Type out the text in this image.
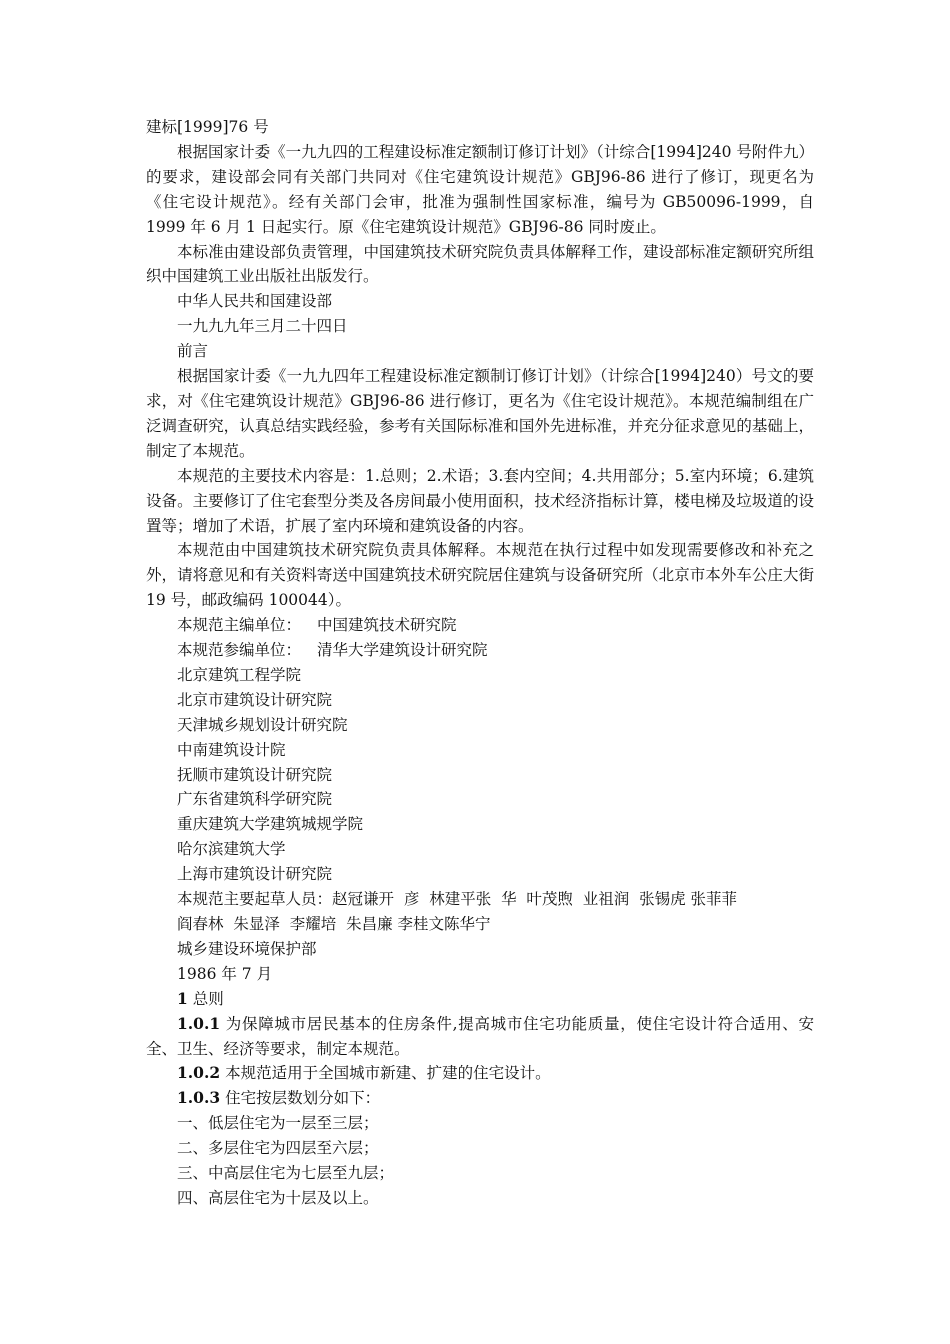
建标[1999]76 号

根据国家计委《一九九四的工程建设标准定额制订修订计划》（计综合[1994]240 号附件九）的要求，建设部会同有关部门共同对《住宅建筑设计规范》GBJ96-86 进行了修订，现更名为《住宅设计规范》。经有关部门会审，批准为强制性国家标准，编号为 GB50096-1999，自 1999 年 6 月 1 日起实行。原《住宅建筑设计规范》GBJ96-86 同时废止。

本标准由建设部负责管理，中国建筑技术研究院负责具体解释工作，建设部标准定额研究所组织中国建筑工业出版社出版发行。

中华人民共和国建设部

一九九九年三月二十四日

前言

根据国家计委《一九九四年工程建设标准定额制订修订计划》（计综合[1994]240）号文的要求，对《住宅建筑设计规范》GBJ96-86 进行修订，更名为《住宅设计规范》。本规范编制组在广泛调查研究，认真总结实践经验，参考有关国际标准和国外先进标准，并充分征求意见的基础上，制定了本规范。

本规范的主要技术内容是：1.总则；2.术语；3.套内空间；4.共用部分；5.室内环境；6.建筑设备。主要修订了住宅套型分类及各房间最小使用面积，技术经济指标计算，楼电梯及垃圾道的设置等；增加了术语，扩展了室内环境和建筑设备的内容。

本规范由中国建筑技术研究院负责具体解释。本规范在执行过程中如发现需要修改和补充之外，请将意见和有关资料寄送中国建筑技术研究院居住建筑与设备研究所（北京市本外车公庄大街 19 号，邮政编码 100044）。

本规范主编单位： 中国建筑技术研究院

本规范参编单位： 清华大学建筑设计研究院

北京建筑工程学院

北京市建筑设计研究院

天津城乡规划设计研究院

中南建筑设计院

抚顺市建筑设计研究院

广东省建筑科学研究院

重庆建筑大学建筑城规学院

哈尔滨建筑大学

上海市建筑设计研究院

本规范主要起草人员：赵冠谦开  彦  林建平张  华  叶茂煦  业祖润  张锡虎 张菲菲

阎春林  朱显泽  李耀培  朱昌廉 李桂文陈华宁

城乡建设环境保护部

1986 年 7 月

1 总则

1.0.1 为保障城市居民基本的住房条件,提高城市住宅功能质量，使住宅设计符合适用、安全、卫生、经济等要求，制定本规范。

1.0.2 本规范适用于全国城市新建、扩建的住宅设计。

1.0.3 住宅按层数划分如下：

一、低层住宅为一层至三层；

二、多层住宅为四层至六层；

三、中高层住宅为七层至九层；

四、高层住宅为十层及以上。
